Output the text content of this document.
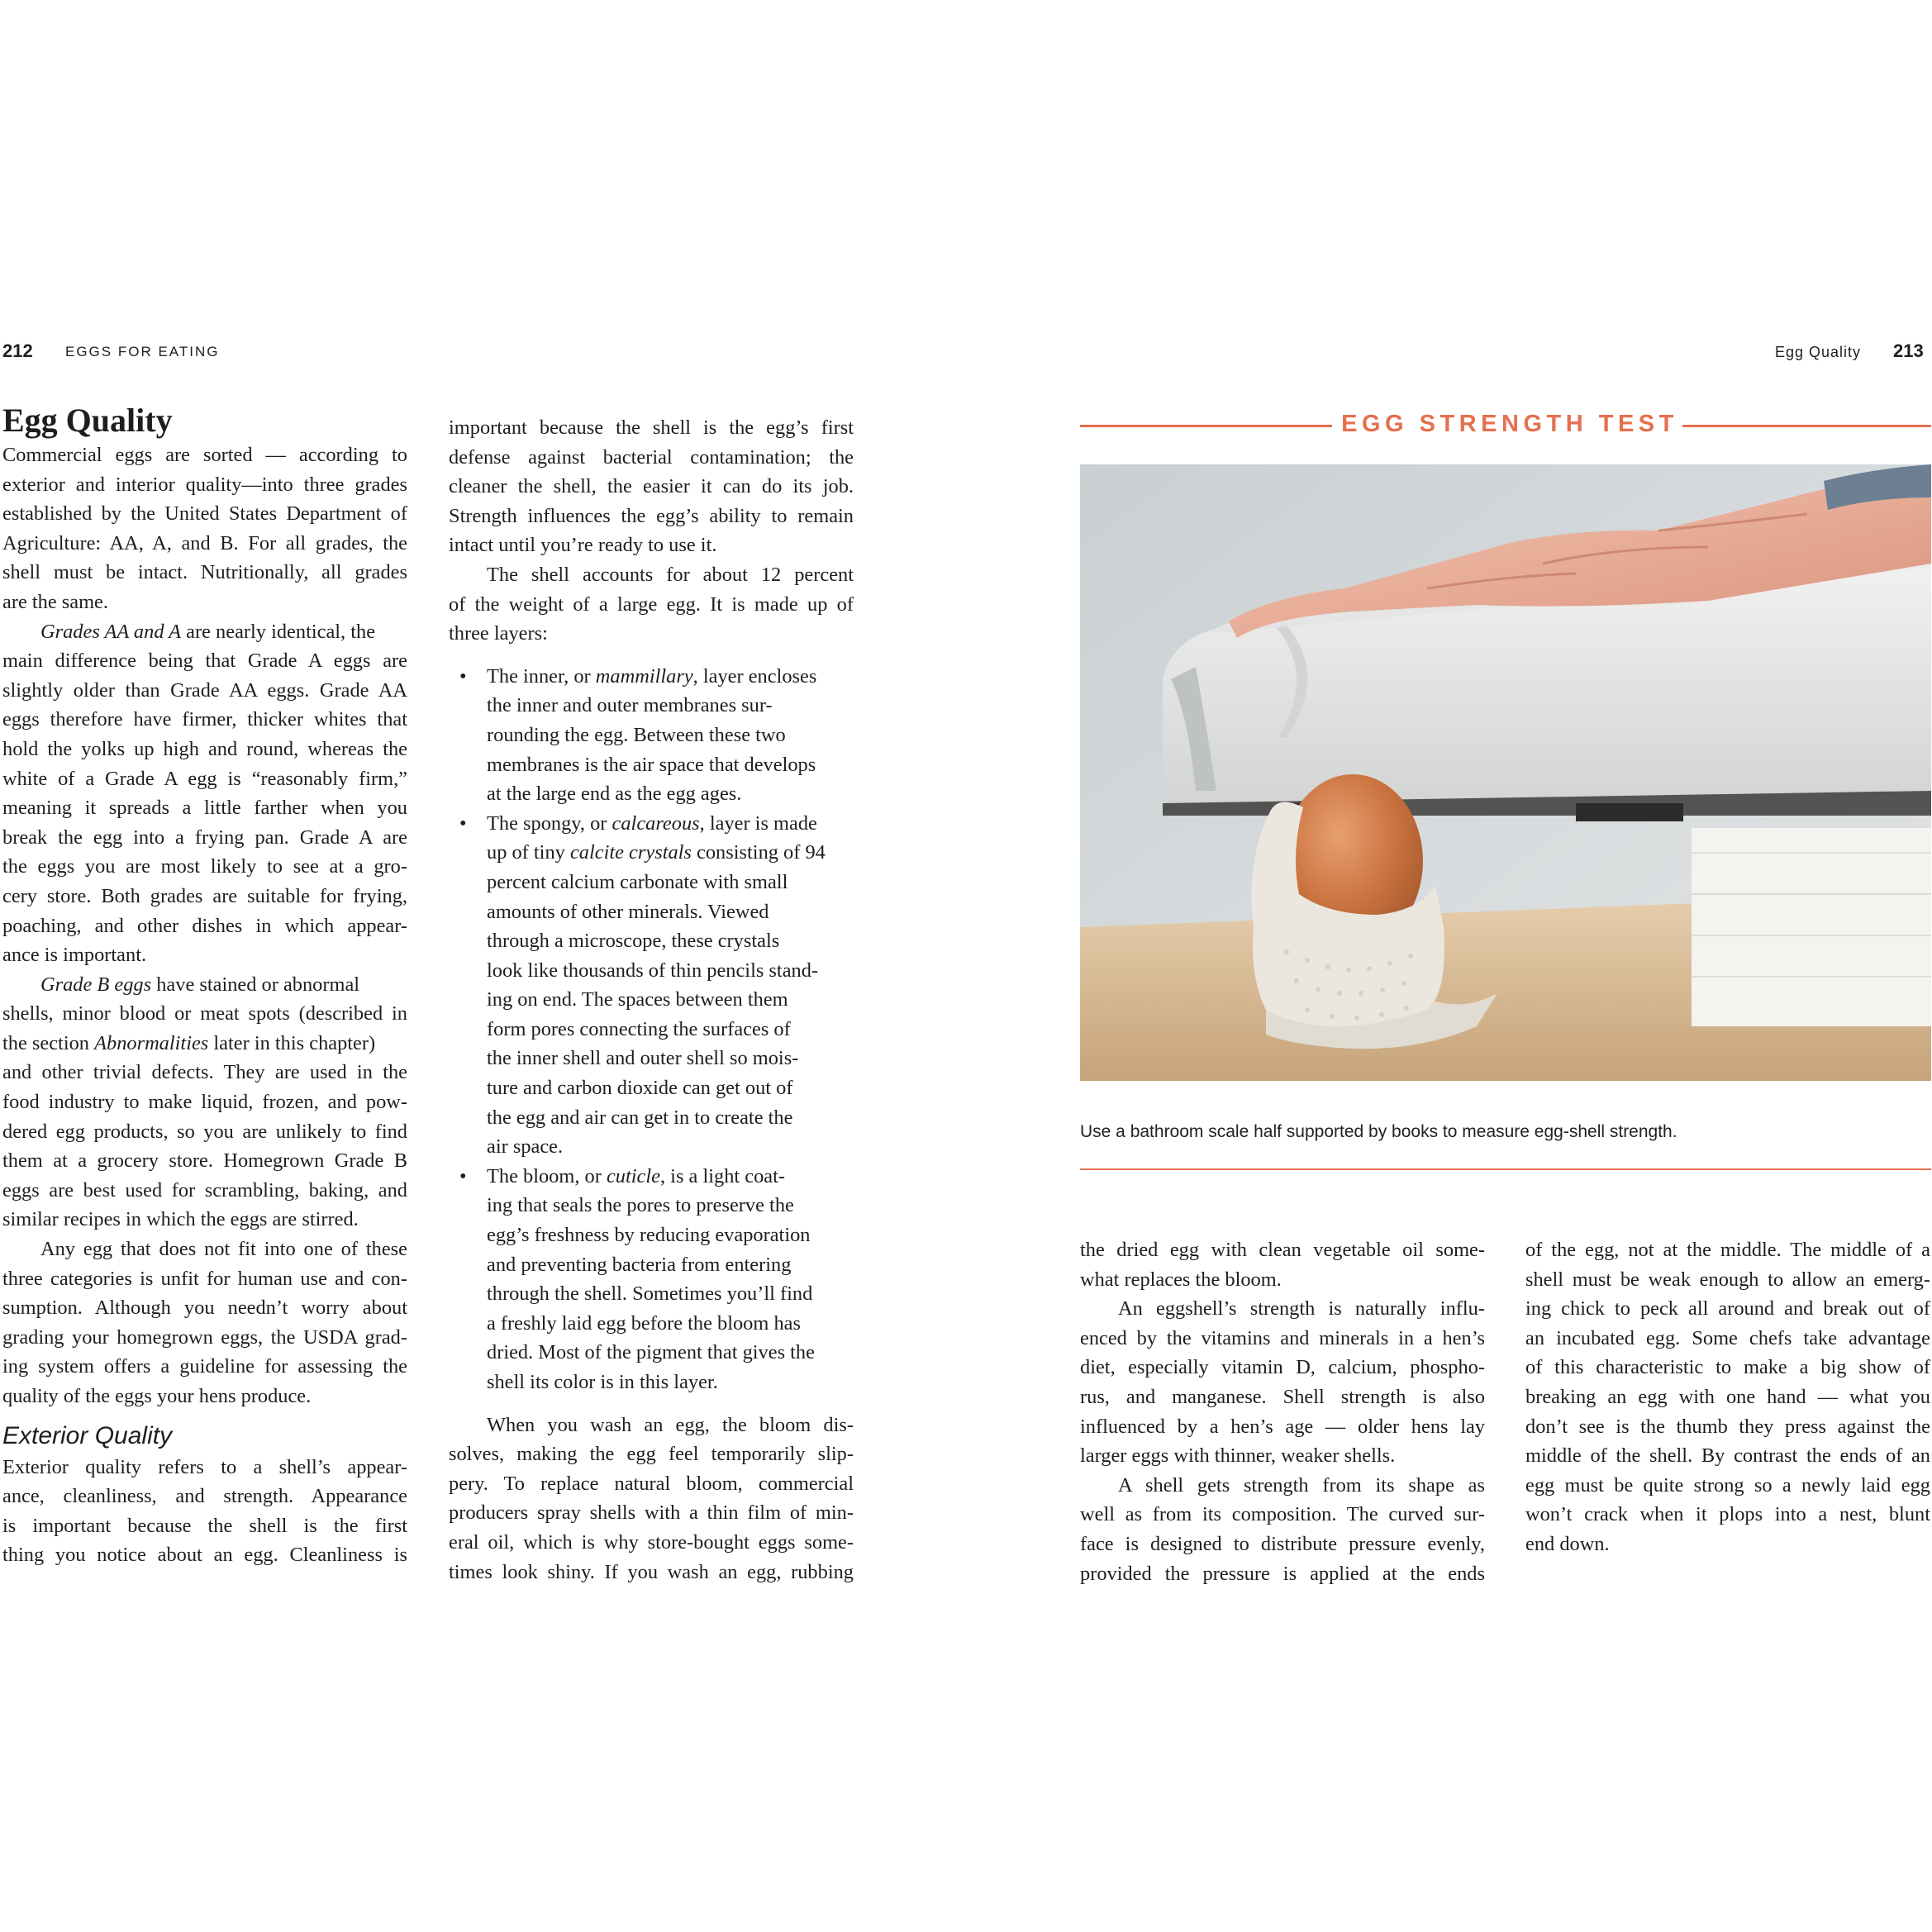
212 EGGS FOR EATING
Egg Quality
Commercial eggs are sorted — according to
exterior and interior quality—into three grades
established by the United States Department of
Agriculture: AA, A, and B. For all grades, the
shell must be intact. Nutritionally, all grades
are the same.
Grades AA and A are nearly identical, the
main difference being that Grade A eggs are
slightly older than Grade AA eggs. Grade AA
eggs therefore have firmer, thicker whites that
hold the yolks up high and round, whereas the
white of a Grade A egg is “reasonably firm,”
meaning it spreads a little farther when you
break the egg into a frying pan. Grade A are
the eggs you are most likely to see at a gro-
cery store. Both grades are suitable for frying,
poaching, and other dishes in which appear-
ance is important.
Grade B eggs have stained or abnormal
shells, minor blood or meat spots (described in
the section Abnormalities later in this chapter)
and other trivial defects. They are used in the
food industry to make liquid, frozen, and pow-
dered egg products, so you are unlikely to find
them at a grocery store. Homegrown Grade B
eggs are best used for scrambling, baking, and
similar recipes in which the eggs are stirred.
Any egg that does not fit into one of these
three categories is unfit for human use and con-
sumption. Although you needn’t worry about
grading your homegrown eggs, the USDA grad-
ing system offers a guideline for assessing the
quality of the eggs your hens produce.
Exterior Quality
Exterior quality refers to a shell’s appear-
ance, cleanliness, and strength. Appearance
is important because the shell is the first
thing you notice about an egg. Cleanliness is
important because the shell is the egg’s first
defense against bacterial contamination; the
cleaner the shell, the easier it can do its job.
Strength influences the egg’s ability to remain
intact until you’re ready to use it.
The shell accounts for about 12 percent
of the weight of a large egg. It is made up of
three layers:
• The inner, or mammillary, layer encloses
the inner and outer membranes sur-
rounding the egg. Between these two
membranes is the air space that develops
at the large end as the egg ages.
• The spongy, or calcareous, layer is made
up of tiny calcite crystals consisting of 94
percent calcium carbonate with small
amounts of other minerals. Viewed
through a microscope, these crystals
look like thousands of thin pencils stand-
ing on end. The spaces between them
form pores connecting the surfaces of
the inner shell and outer shell so mois-
ture and carbon dioxide can get out of
the egg and air can get in to create the
air space.
• The bloom, or cuticle, is a light coat-
ing that seals the pores to preserve the
egg’s freshness by reducing evaporation
and preventing bacteria from entering
through the shell. Sometimes you’ll find
a freshly laid egg before the bloom has
dried. Most of the pigment that gives the
shell its color is in this layer.
When you wash an egg, the bloom dis-
solves, making the egg feel temporarily slip-
pery. To replace natural bloom, commercial
producers spray shells with a thin film of min-
eral oil, which is why store-bought eggs some-
times look shiny. If you wash an egg, rubbing
Egg Quality 213
EGG STRENGTH TEST
Use a bathroom scale half supported by books to measure egg-shell strength.
the dried egg with clean vegetable oil some-
what replaces the bloom.
An eggshell’s strength is naturally influ-
enced by the vitamins and minerals in a hen’s
diet, especially vitamin D, calcium, phospho-
rus, and manganese. Shell strength is also
influenced by a hen’s age — older hens lay
larger eggs with thinner, weaker shells.
A shell gets strength from its shape as
well as from its composition. The curved sur-
face is designed to distribute pressure evenly,
provided the pressure is applied at the ends
of the egg, not at the middle. The middle of a
shell must be weak enough to allow an emerg-
ing chick to peck all around and break out of
an incubated egg. Some chefs take advantage
of this characteristic to make a big show of
breaking an egg with one hand — what you
don’t see is the thumb they press against the
middle of the shell. By contrast the ends of an
egg must be quite strong so a newly laid egg
won’t crack when it plops into a nest, blunt
end down.
